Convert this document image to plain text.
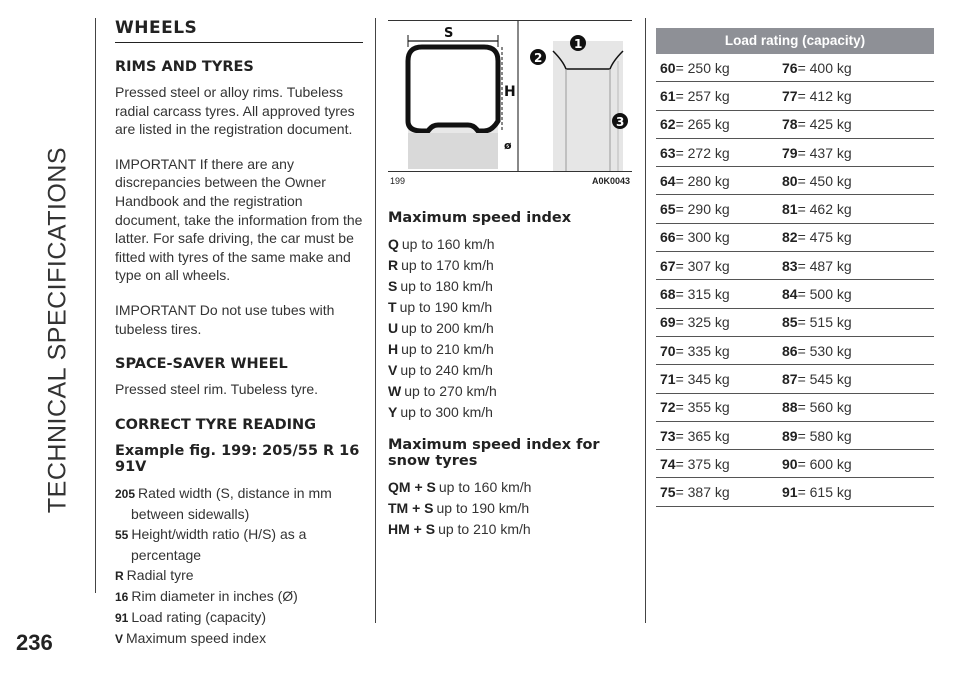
TECHNICAL SPECIFICATIONS
236
WHEELS
RIMS AND TYRES

Pressed steel or alloy rims. Tubeless radial carcass tyres. All approved tyres are listed in the registration document.

IMPORTANT If there are any discrepancies between the Owner Handbook and the registration document, take the information from the latter. For safe driving, the car must be fitted with tyres of the same make and type on all wheels.

IMPORTANT Do not use tubes with tubeless tires.

SPACE-SAVER WHEEL

Pressed steel rim. Tubeless tyre.

CORRECT TYRE READING
Example fig. 199: 205/55 R 16 91V

205 Rated width (S, distance in mm between sidewalls)

55 Height/width ratio (H/S) as a percentage

R Radial tyre

16 Rim diameter in inches (Ø)

91 Load rating (capacity)

V Maximum speed index

S
H
ø
2
1
3
199	A0K0043
Maximum speed index
Q up to 160 km/h
R up to 170 km/h
S up to 180 km/h
T up to 190 km/h
U up to 200 km/h
H up to 210 km/h
V up to 240 km/h
W up to 270 km/h
Y up to 300 km/h
Maximum speed index for snow tyres
QM + S up to 160 km/h
TM + S up to 190 km/h
HM + S up to 210 km/h
Load rating (capacity)
60= 250 kg	76= 400 kg
61= 257 kg	77= 412 kg
62= 265 kg	78= 425 kg
63= 272 kg	79= 437 kg
64= 280 kg	80= 450 kg
65= 290 kg	81= 462 kg
66= 300 kg	82= 475 kg
67= 307 kg	83= 487 kg
68= 315 kg	84= 500 kg
69= 325 kg	85= 515 kg
70= 335 kg	86= 530 kg
71= 345 kg	87= 545 kg
72= 355 kg	88= 560 kg
73= 365 kg	89= 580 kg
74= 375 kg	90= 600 kg
75= 387 kg	91= 615 kg
